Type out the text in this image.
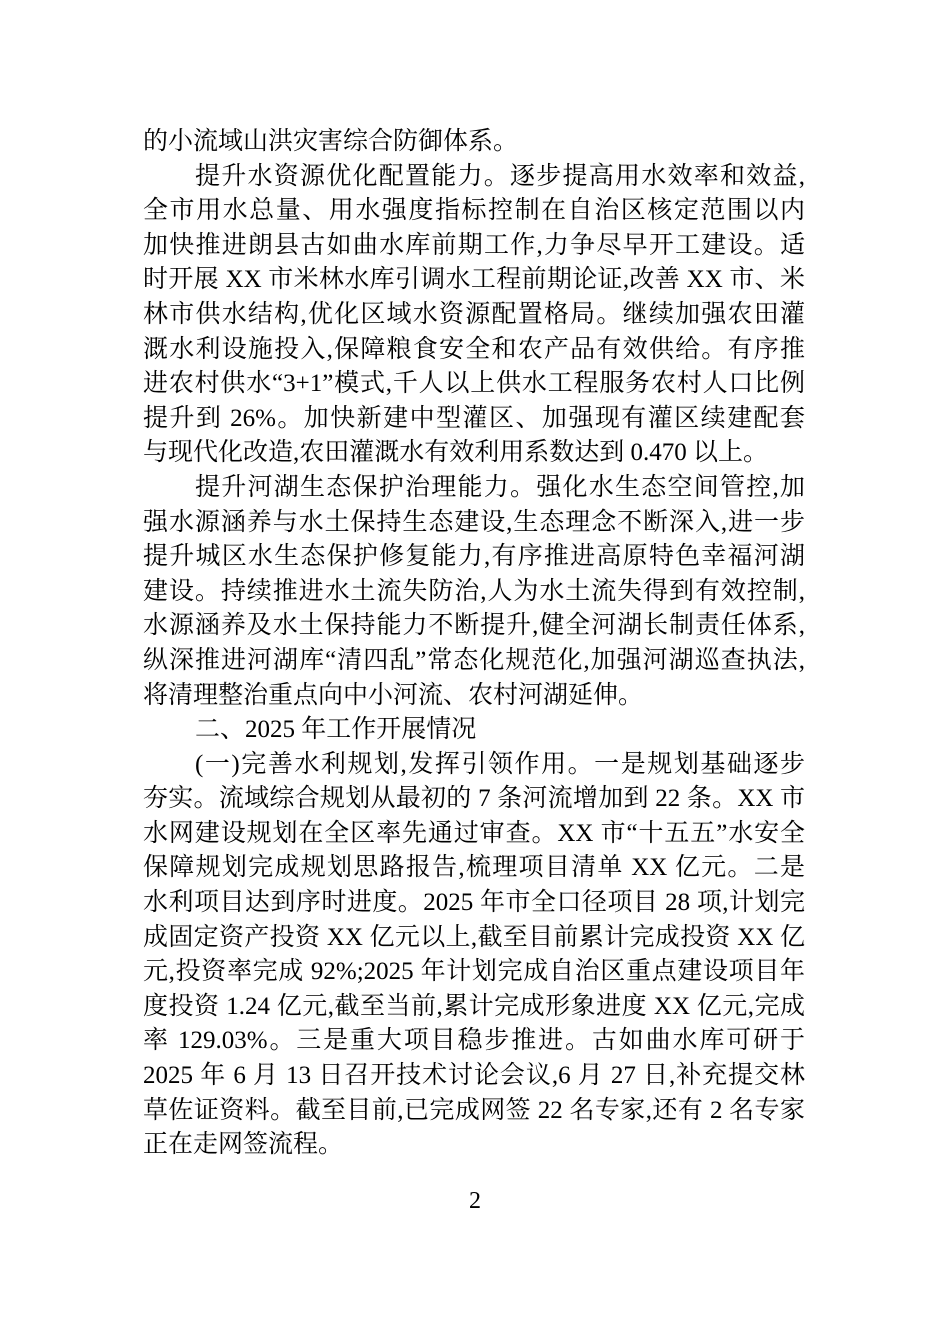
的小流域山洪灾害综合防御体系。
提升水资源优化配置能力。逐步提高用水效率和效益,
全市用水总量、用水强度指标控制在自治区核定范围以内
加快推进朗县古如曲水库前期工作,力争尽早开工建设。适
时开展 XX 市米林水库引调水工程前期论证,改善 XX 市、米
林市供水结构,优化区域水资源配置格局。继续加强农田灌
溉水利设施投入,保障粮食安全和农产品有效供给。有序推
进农村供水“3+1”模式,千人以上供水工程服务农村人口比例
提升到 26%。加快新建中型灌区、加强现有灌区续建配套
与现代化改造,农田灌溉水有效利用系数达到 0.470 以上。
提升河湖生态保护治理能力。强化水生态空间管控,加
强水源涵养与水土保持生态建设,生态理念不断深入,进一步
提升城区水生态保护修复能力,有序推进高原特色幸福河湖
建设。持续推进水土流失防治,人为水土流失得到有效控制,
水源涵养及水土保持能力不断提升,健全河湖长制责任体系,
纵深推进河湖库“清四乱”常态化规范化,加强河湖巡查执法,
将清理整治重点向中小河流、农村河湖延伸。
二、2025 年工作开展情况
(一)完善水利规划,发挥引领作用。一是规划基础逐步
夯实。流域综合规划从最初的 7 条河流增加到 22 条。XX 市
水网建设规划在全区率先通过审查。XX 市“十五五”水安全
保障规划完成规划思路报告,梳理项目清单 XX 亿元。二是
水利项目达到序时进度。2025 年市全口径项目 28 项,计划完
成固定资产投资 XX 亿元以上,截至目前累计完成投资 XX 亿
元,投资率完成 92%;2025 年计划完成自治区重点建设项目年
度投资 1.24 亿元,截至当前,累计完成形象进度 XX 亿元,完成
率 129.03%。三是重大项目稳步推进。古如曲水库可研于
2025 年 6 月 13 日召开技术讨论会议,6 月 27 日,补充提交林
草佐证资料。截至目前,已完成网签 22 名专家,还有 2 名专家
正在走网签流程。
2
